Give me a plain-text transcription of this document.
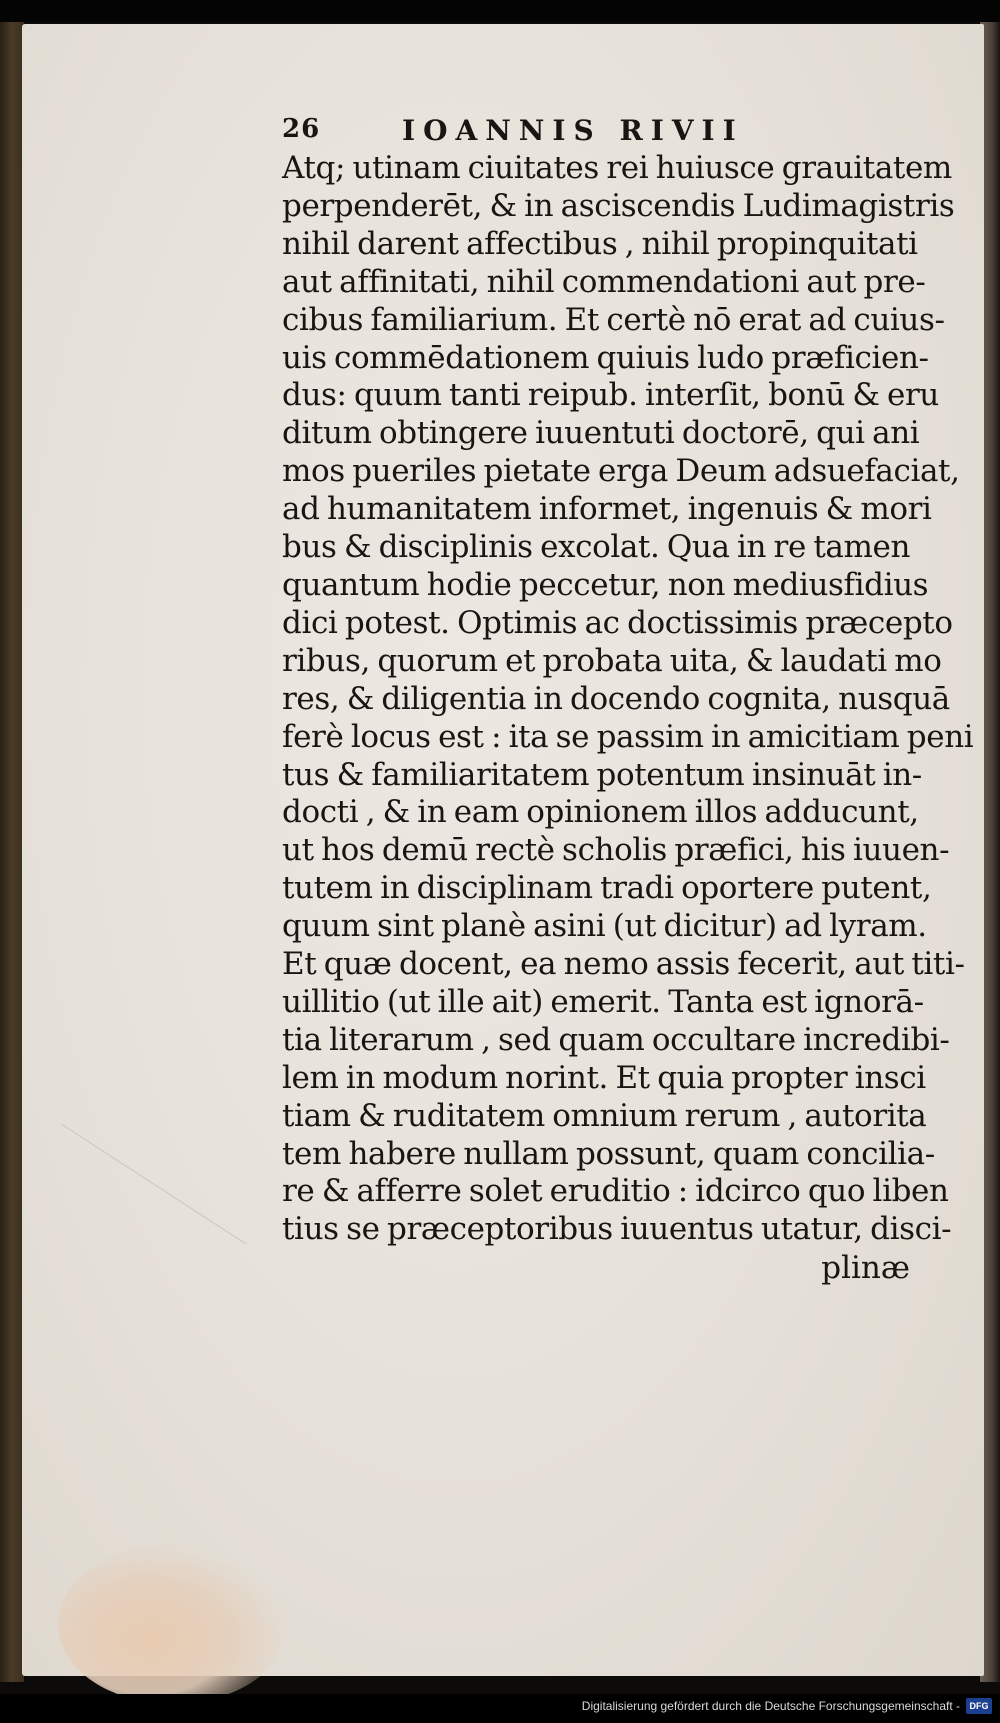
26	IOANNIS RIVII
Atq; utinam ciuitates rei huiusce grauitatem
perpenderēt, & in asciscendis Ludimagistris
nihil darent affectibus , nihil propinquitati
aut affinitati, nihil commendationi aut pre-
cibus familiarium. Et certè nō erat ad cuius-
uis commēdationem quiuis ludo præficien-
dus: quum tanti reipub. interſit, bonū & eru
ditum obtingere iuuentuti doctorē, qui ani
mos pueriles pietate erga Deum adsuefaciat,
ad humanitatem informet, ingenuis & mori
bus & disciplinis excolat. Qua in re tamen
quantum hodie peccetur, non mediusfidius
dici potest. Optimis ac doctissimis præcepto
ribus, quorum et probata uita, & laudati mo
res, & diligentia in docendo cognita, nusquā
ferè locus est : ita se passim in amicitiam peni
tus & familiaritatem potentum insinuāt in-
docti , & in eam opinionem illos adducunt,
ut hos demū rectè scholis præfici, his iuuen-
tutem in disciplinam tradi oportere putent,
quum sint planè asini (ut dicitur) ad lyram.
Et quæ docent, ea nemo assis fecerit, aut titi-
uillitio (ut ille ait) emerit. Tanta est ignorā-
tia literarum , sed quam occultare incredibi-
lem in modum norint. Et quia propter insci
tiam & ruditatem omnium rerum , autorita
tem habere nullam possunt, quam concilia-
re & afferre solet eruditio : idcirco quo liben
tius se præceptoribus iuuentus utatur, disci-
plinæ
Digitalisierung gefördert durch die Deutsche Forschungsgemeinschaft -	DFG
